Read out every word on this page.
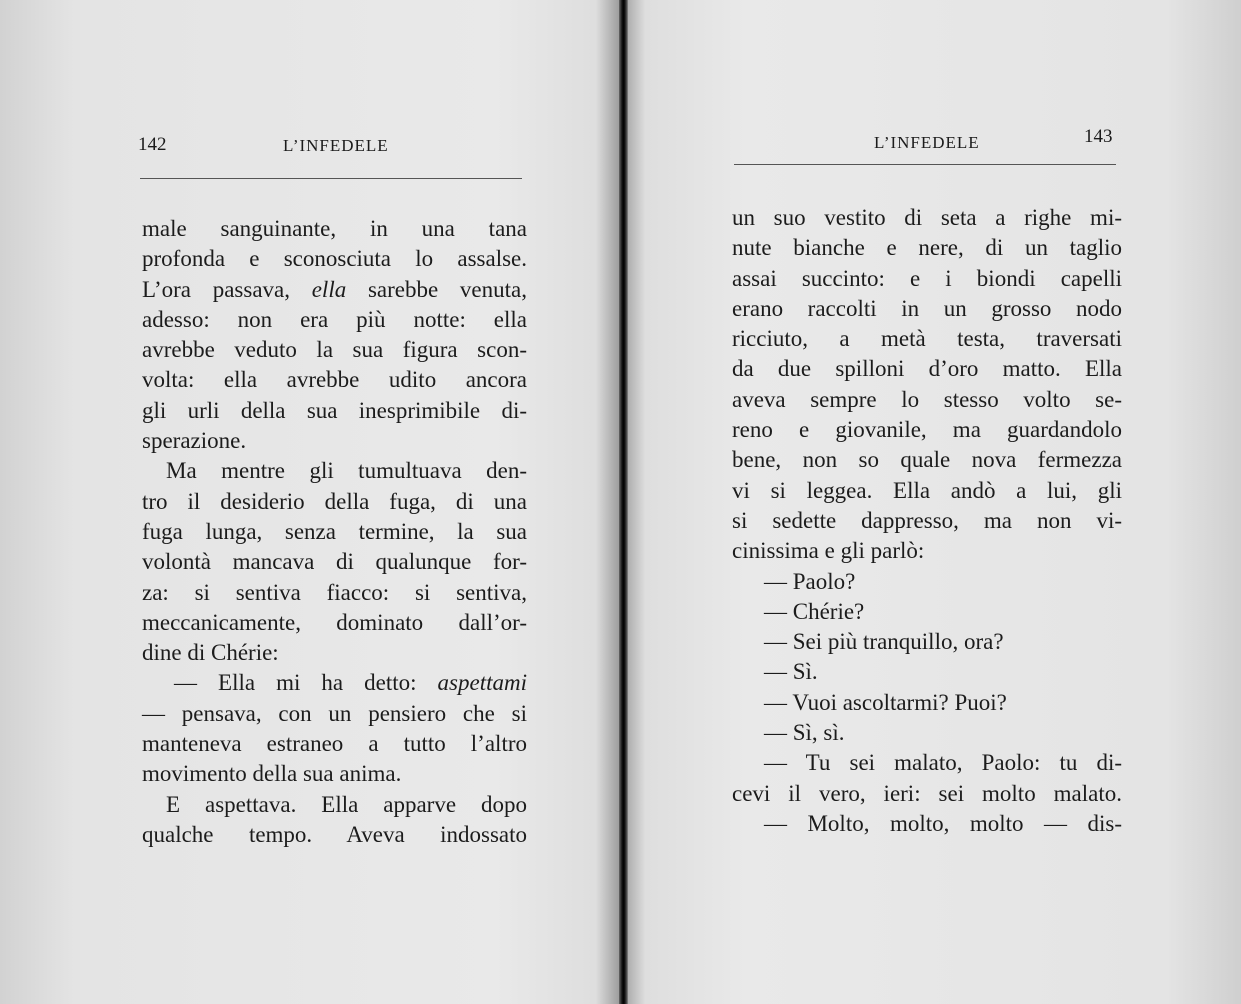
142	L’INFEDELE
male sanguinante, in una tana
profonda e sconosciuta lo assalse.
L’ora passava, ella sarebbe venuta,
adesso: non era più notte: ella
avrebbe veduto la sua figura scon-
volta: ella avrebbe udito ancora
gli urli della sua inesprimibile di-
sperazione.
Ma mentre gli tumultuava den-
tro il desiderio della fuga, di una
fuga lunga, senza termine, la sua
volontà mancava di qualunque for-
za: si sentiva fiacco: si sentiva,
meccanicamente, dominato dall’or-
dine di Chérie:
— Ella mi ha detto: aspettami
— pensava, con un pensiero che si
manteneva estraneo a tutto l’altro
movimento della sua anima.
E aspettava. Ella apparve dopo
qualche tempo. Aveva indossato
L’INFEDELE	143
un suo vestito di seta a righe mi-
nute bianche e nere, di un taglio
assai succinto: e i biondi capelli
erano raccolti in un grosso nodo
ricciuto, a metà testa, traversati
da due spilloni d’oro matto. Ella
aveva sempre lo stesso volto se-
reno e giovanile, ma guardandolo
bene, non so quale nova fermezza
vi si leggea. Ella andò a lui, gli
si sedette dappresso, ma non vi-
cinissima e gli parlò:
— Paolo?
— Chérie?
— Sei più tranquillo, ora?
— Sì.
— Vuoi ascoltarmi? Puoi?
— Sì, sì.
— Tu sei malato, Paolo: tu di-
cevi il vero, ieri: sei molto malato.
— Molto, molto, molto — dis-
